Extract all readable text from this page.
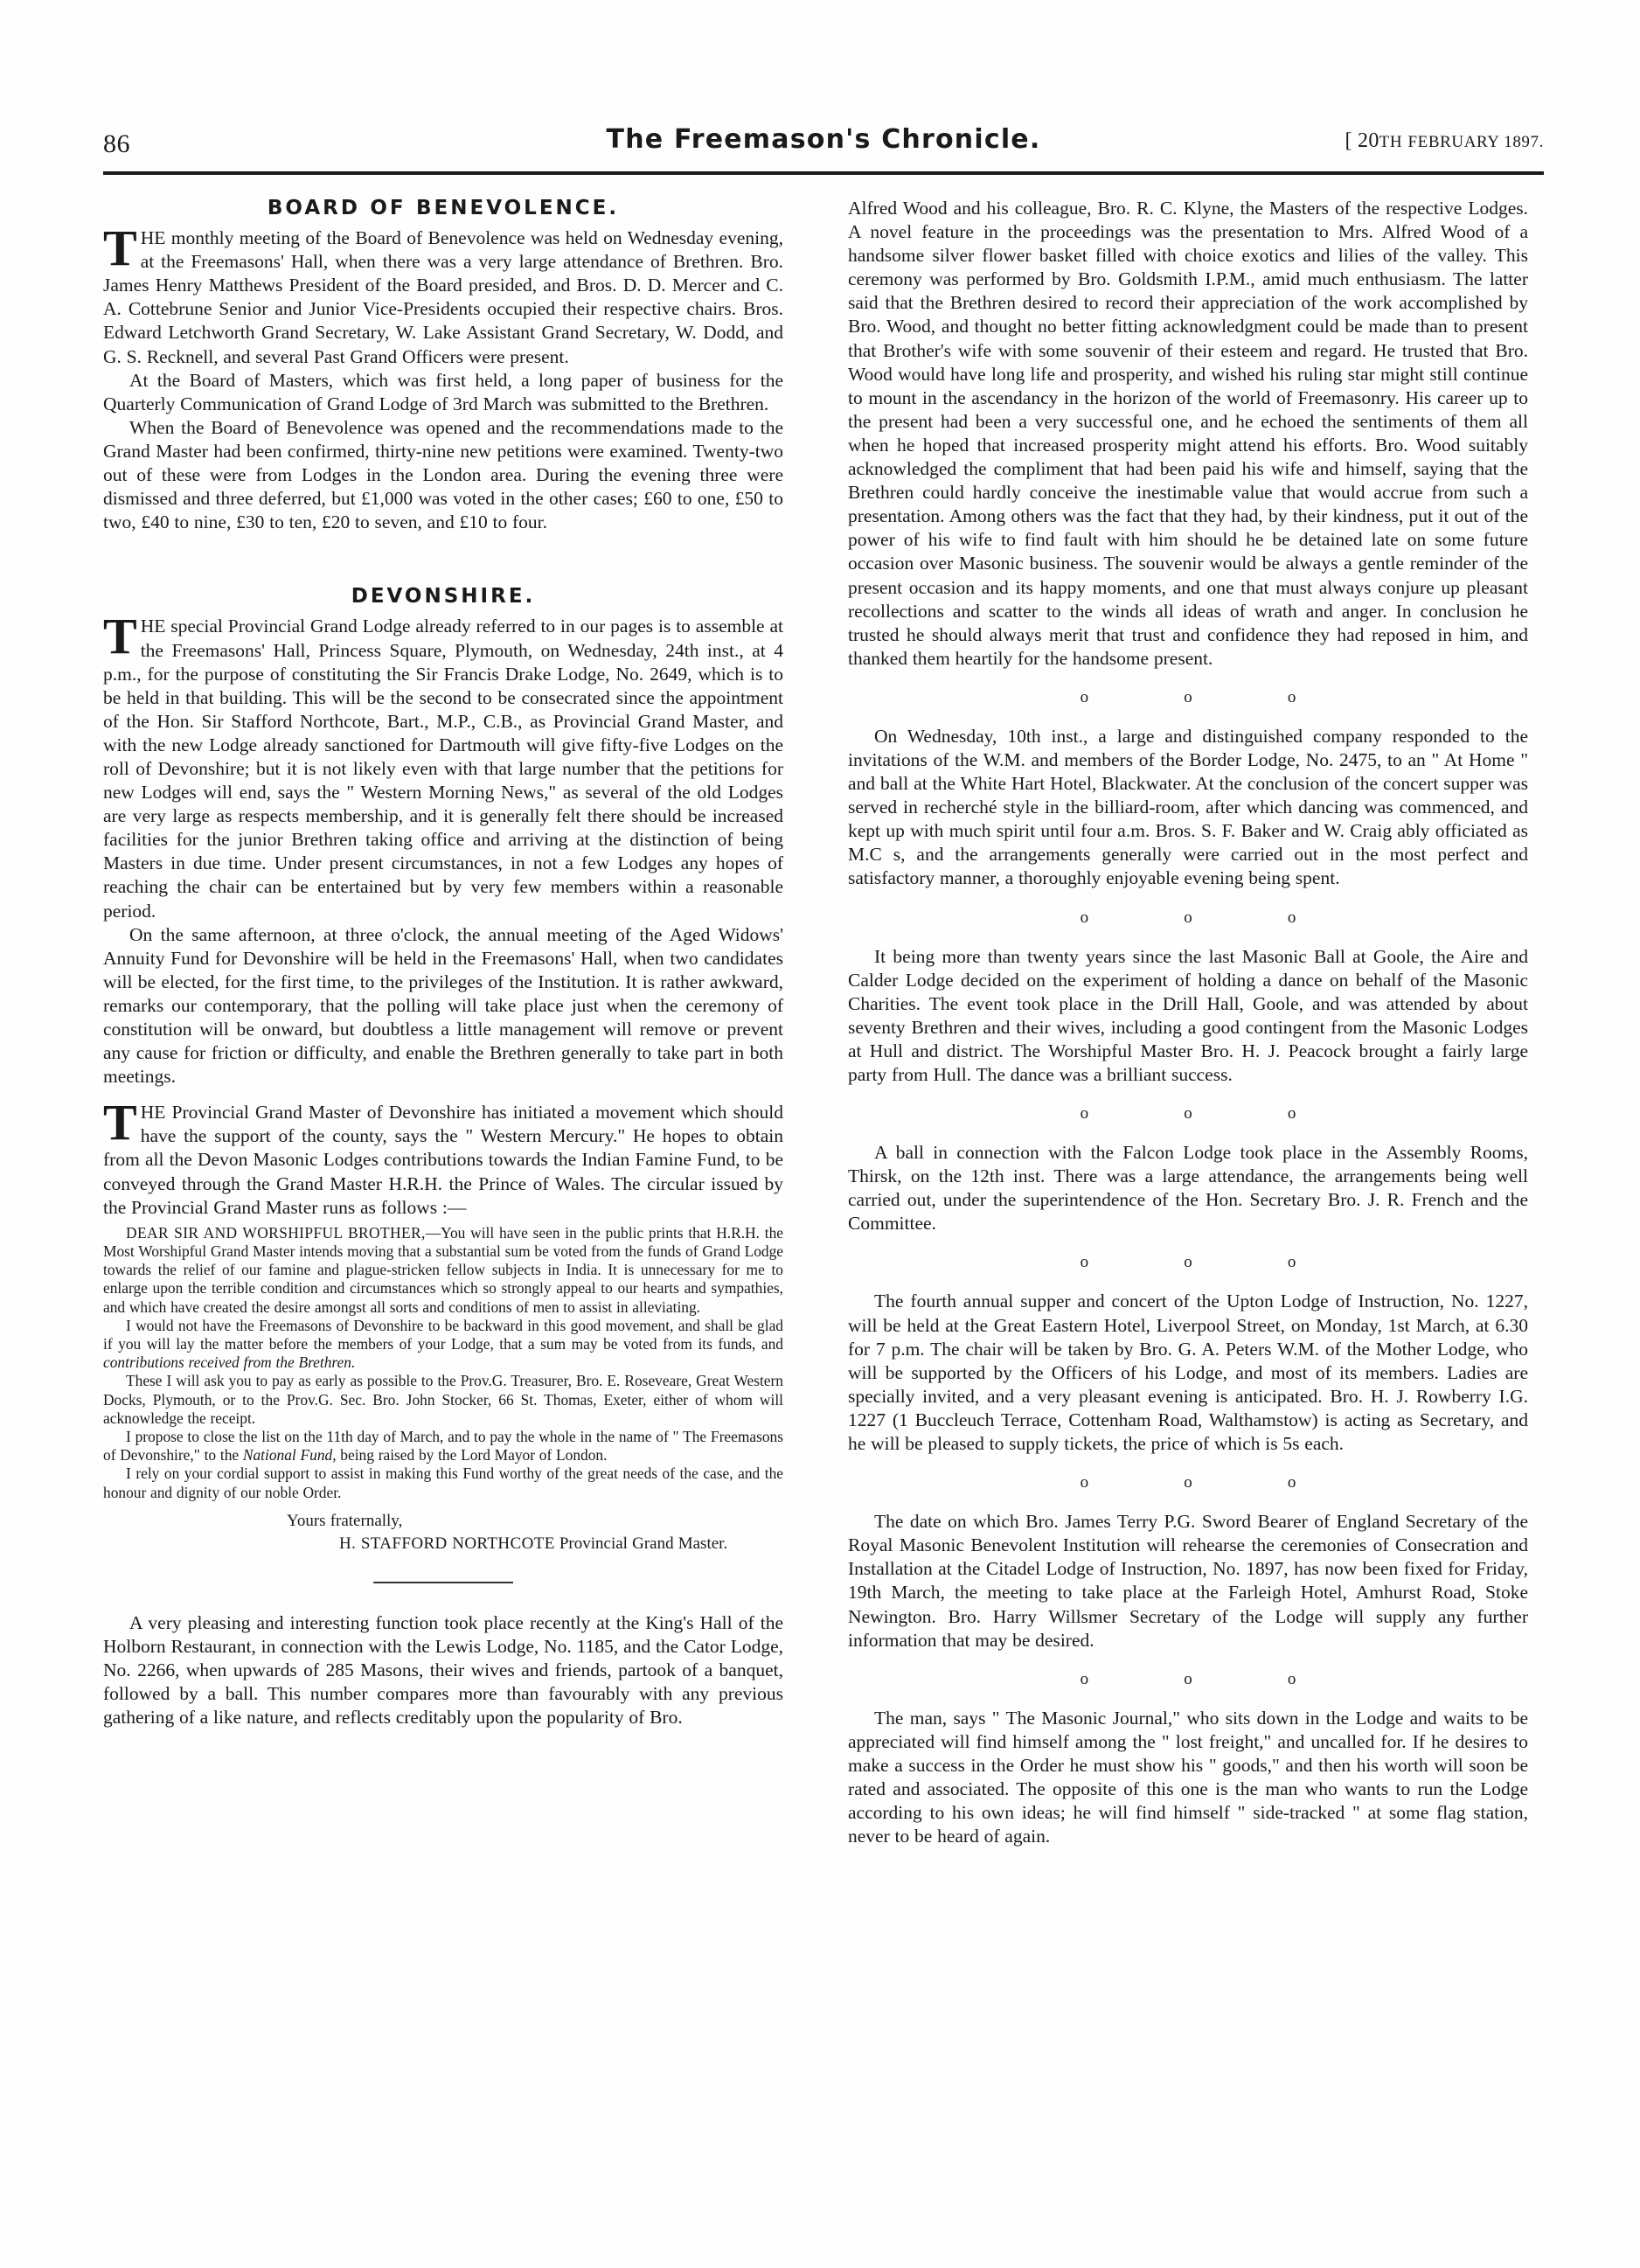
86	The Freemason's Chronicle.	[ 20TH FEBRUARY 1897.
BOARD OF BENEVOLENCE.

THE monthly meeting of the Board of Benevolence was held on Wednesday evening, at the Freemasons' Hall, when there was a very large attendance of Brethren. Bro. James Henry Matthews President of the Board presided, and Bros. D. D. Mercer and C. A. Cottebrune Senior and Junior Vice-Presidents occupied their respective chairs. Bros. Edward Letchworth Grand Secretary, W. Lake Assistant Grand Secretary, W. Dodd, and G. S. Recknell, and several Past Grand Officers were present.

At the Board of Masters, which was first held, a long paper of business for the Quarterly Communication of Grand Lodge of 3rd March was submitted to the Brethren.

When the Board of Benevolence was opened and the recommendations made to the Grand Master had been confirmed, thirty-nine new petitions were examined. Twenty-two out of these were from Lodges in the London area. During the evening three were dismissed and three deferred, but £1,000 was voted in the other cases; £60 to one, £50 to two, £40 to nine, £30 to ten, £20 to seven, and £10 to four.

DEVONSHIRE.

THE special Provincial Grand Lodge already referred to in our pages is to assemble at the Freemasons' Hall, Princess Square, Plymouth, on Wednesday, 24th inst., at 4 p.m., for the purpose of constituting the Sir Francis Drake Lodge, No. 2649, which is to be held in that building. This will be the second to be consecrated since the appointment of the Hon. Sir Stafford Northcote, Bart., M.P., C.B., as Provincial Grand Master, and with the new Lodge already sanctioned for Dartmouth will give fifty-five Lodges on the roll of Devonshire; but it is not likely even with that large number that the petitions for new Lodges will end, says the " Western Morning News," as several of the old Lodges are very large as respects membership, and it is generally felt there should be increased facilities for the junior Brethren taking office and arriving at the distinction of being Masters in due time. Under present circumstances, in not a few Lodges any hopes of reaching the chair can be entertained but by very few members within a reasonable period.

On the same afternoon, at three o'clock, the annual meeting of the Aged Widows' Annuity Fund for Devonshire will be held in the Freemasons' Hall, when two candidates will be elected, for the first time, to the privileges of the Institution. It is rather awkward, remarks our contemporary, that the polling will take place just when the ceremony of constitution will be onward, but doubtless a little management will remove or prevent any cause for friction or difficulty, and enable the Brethren generally to take part in both meetings.

THE Provincial Grand Master of Devonshire has initiated a movement which should have the support of the county, says the " Western Mercury." He hopes to obtain from all the Devon Masonic Lodges contributions towards the Indian Famine Fund, to be conveyed through the Grand Master H.R.H. the Prince of Wales. The circular issued by the Provincial Grand Master runs as follows :—

DEAR SIR AND WORSHIPFUL BROTHER,—You will have seen in the public prints that H.R.H. the Most Worshipful Grand Master intends moving that a substantial sum be voted from the funds of Grand Lodge towards the relief of our famine and plague-stricken fellow subjects in India. It is unnecessary for me to enlarge upon the terrible condition and circumstances which so strongly appeal to our hearts and sympathies, and which have created the desire amongst all sorts and conditions of men to assist in alleviating.

I would not have the Freemasons of Devonshire to be backward in this good movement, and shall be glad if you will lay the matter before the members of your Lodge, that a sum may be voted from its funds, and contributions received from the Brethren.

These I will ask you to pay as early as possible to the Prov.G. Treasurer, Bro. E. Roseveare, Great Western Docks, Plymouth, or to the Prov.G. Sec. Bro. John Stocker, 66 St. Thomas, Exeter, either of whom will acknowledge the receipt.

I propose to close the list on the 11th day of March, and to pay the whole in the name of " The Freemasons of Devonshire," to the National Fund, being raised by the Lord Mayor of London.

I rely on your cordial support to assist in making this Fund worthy of the great needs of the case, and the honour and dignity of our noble Order.

Yours fraternally,
H. STAFFORD NORTHCOTE Provincial Grand Master.

A very pleasing and interesting function took place recently at the King's Hall of the Holborn Restaurant, in connection with the Lewis Lodge, No. 1185, and the Cator Lodge, No. 2266, when upwards of 285 Masons, their wives and friends, partook of a banquet, followed by a ball. This number compares more than favourably with any previous gathering of a like nature, and reflects creditably upon the popularity of Bro.

Alfred Wood and his colleague, Bro. R. C. Klyne, the Masters of the respective Lodges. A novel feature in the proceedings was the presentation to Mrs. Alfred Wood of a handsome silver flower basket filled with choice exotics and lilies of the valley. This ceremony was performed by Bro. Goldsmith I.P.M., amid much enthusiasm. The latter said that the Brethren desired to record their appreciation of the work accomplished by Bro. Wood, and thought no better fitting acknowledgment could be made than to present that Brother's wife with some souvenir of their esteem and regard. He trusted that Bro. Wood would have long life and prosperity, and wished his ruling star might still continue to mount in the ascendancy in the horizon of the world of Freemasonry. His career up to the present had been a very successful one, and he echoed the sentiments of them all when he hoped that increased prosperity might attend his efforts. Bro. Wood suitably acknowledged the compliment that had been paid his wife and himself, saying that the Brethren could hardly conceive the inestimable value that would accrue from such a presentation. Among others was the fact that they had, by their kindness, put it out of the power of his wife to find fault with him should he be detained late on some future occasion over Masonic business. The souvenir would be always a gentle reminder of the present occasion and its happy moments, and one that must always conjure up pleasant recollections and scatter to the winds all ideas of wrath and anger. In conclusion he trusted he should always merit that trust and confidence they had reposed in him, and thanked them heartily for the handsome present.

o o o

On Wednesday, 10th inst., a large and distinguished company responded to the invitations of the W.M. and members of the Border Lodge, No. 2475, to an " At Home " and ball at the White Hart Hotel, Blackwater. At the conclusion of the concert supper was served in recherché style in the billiard-room, after which dancing was commenced, and kept up with much spirit until four a.m. Bros. S. F. Baker and W. Craig ably officiated as M.C s, and the arrangements generally were carried out in the most perfect and satisfactory manner, a thoroughly enjoyable evening being spent.

o o o

It being more than twenty years since the last Masonic Ball at Goole, the Aire and Calder Lodge decided on the experiment of holding a dance on behalf of the Masonic Charities. The event took place in the Drill Hall, Goole, and was attended by about seventy Brethren and their wives, including a good contingent from the Masonic Lodges at Hull and district. The Worshipful Master Bro. H. J. Peacock brought a fairly large party from Hull. The dance was a brilliant success.

o o o

A ball in connection with the Falcon Lodge took place in the Assembly Rooms, Thirsk, on the 12th inst. There was a large attendance, the arrangements being well carried out, under the superintendence of the Hon. Secretary Bro. J. R. French and the Committee.

o o o

The fourth annual supper and concert of the Upton Lodge of Instruction, No. 1227, will be held at the Great Eastern Hotel, Liverpool Street, on Monday, 1st March, at 6.30 for 7 p.m. The chair will be taken by Bro. G. A. Peters W.M. of the Mother Lodge, who will be supported by the Officers of his Lodge, and most of its members. Ladies are specially invited, and a very pleasant evening is anticipated. Bro. H. J. Rowberry I.G. 1227 (1 Buccleuch Terrace, Cottenham Road, Walthamstow) is acting as Secretary, and he will be pleased to supply tickets, the price of which is 5s each.

o o o

The date on which Bro. James Terry P.G. Sword Bearer of England Secretary of the Royal Masonic Benevolent Institution will rehearse the ceremonies of Consecration and Installation at the Citadel Lodge of Instruction, No. 1897, has now been fixed for Friday, 19th March, the meeting to take place at the Farleigh Hotel, Amhurst Road, Stoke Newington. Bro. Harry Willsmer Secretary of the Lodge will supply any further information that may be desired.

o o o

The man, says " The Masonic Journal," who sits down in the Lodge and waits to be appreciated will find himself among the " lost freight," and uncalled for. If he desires to make a success in the Order he must show his " goods," and then his worth will soon be rated and associated. The opposite of this one is the man who wants to run the Lodge according to his own ideas; he will find himself " side-tracked " at some flag station, never to be heard of again.
